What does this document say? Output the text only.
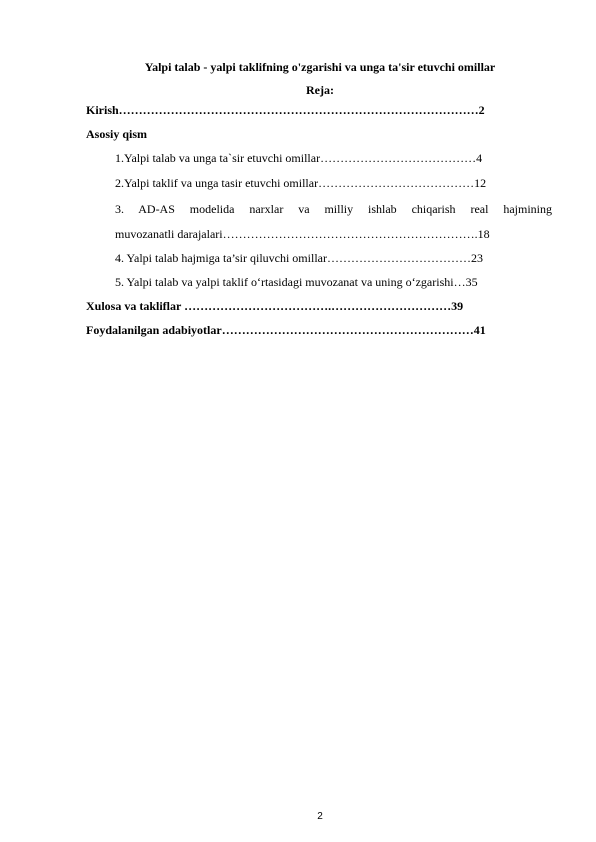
Yalpi talab - yalpi taklifning o'zgarishi va unga ta'sir etuvchi omillar
Reja:
Kirish………………………………………………………………………………2
Asosiy qism
1.Yalpi talab va unga ta`sir etuvchi omillar…………………………………4
2.Yalpi taklif va unga tasir etuvchi omillar…………………………………12
3. AD-AS modelida narxlar va milliy ishlab chiqarish real hajmining
muvozanatli darajalari……………………………………………………….18
4. Yalpi talab hajmiga ta’sir qiluvchi omillar………………………………23
5. Yalpi talab va yalpi taklif o‘rtasidagi muvozanat va uning o‘zgarishi…35
Xulosa va takliflar ……………………………….…………………………39
Foydalanilgan adabiyotlar………………………………………………………41
2
